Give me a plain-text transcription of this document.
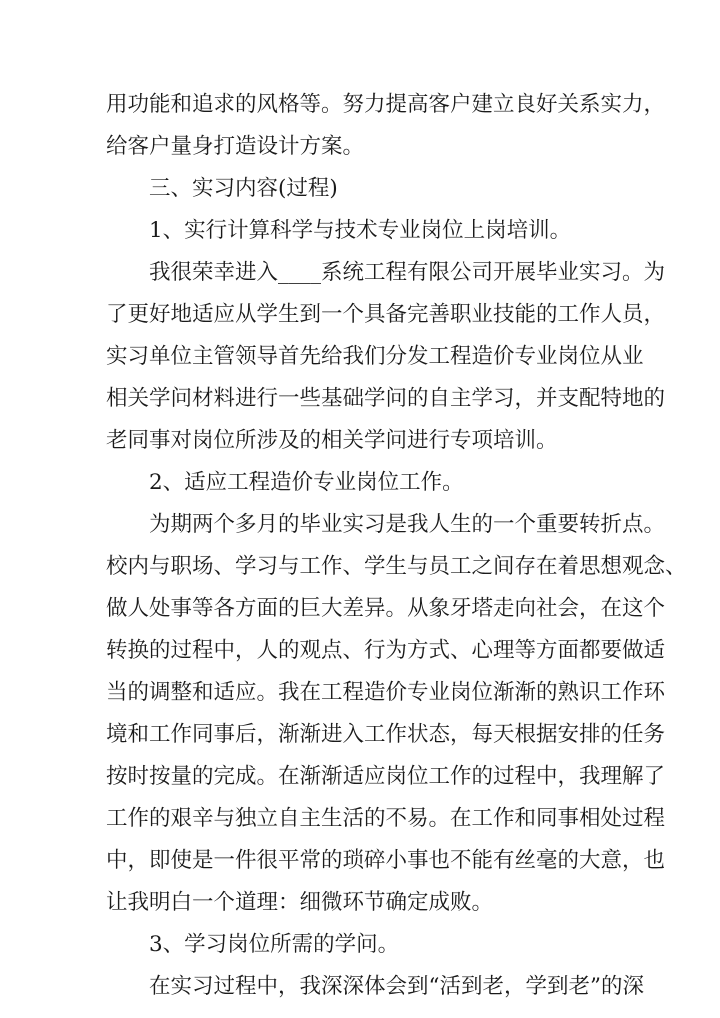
用功能和追求的风格等。努力提高客户建立良好关系实力，
给客户量身打造设计方案。
三、实习内容(过程)
1、实行计算科学与技术专业岗位上岗培训。
我很荣幸进入____系统工程有限公司开展毕业实习。为
了更好地适应从学生到一个具备完善职业技能的工作人员，
实习单位主管领导首先给我们分发工程造价专业岗位从业
相关学问材料进行一些基础学问的自主学习，并支配特地的
老同事对岗位所涉及的相关学问进行专项培训。
2、适应工程造价专业岗位工作。
为期两个多月的毕业实习是我人生的一个重要转折点。
校内与职场、学习与工作、学生与员工之间存在着思想观念、
做人处事等各方面的巨大差异。从象牙塔走向社会，在这个
转换的过程中，人的观点、行为方式、心理等方面都要做适
当的调整和适应。我在工程造价专业岗位渐渐的熟识工作环
境和工作同事后，渐渐进入工作状态，每天根据安排的任务
按时按量的完成。在渐渐适应岗位工作的过程中，我理解了
工作的艰辛与独立自主生活的不易。在工作和同事相处过程
中，即使是一件很平常的琐碎小事也不能有丝毫的大意，也
让我明白一个道理：细微环节确定成败。
3、学习岗位所需的学问。
在实习过程中，我深深体会到“活到老，学到老”的深
